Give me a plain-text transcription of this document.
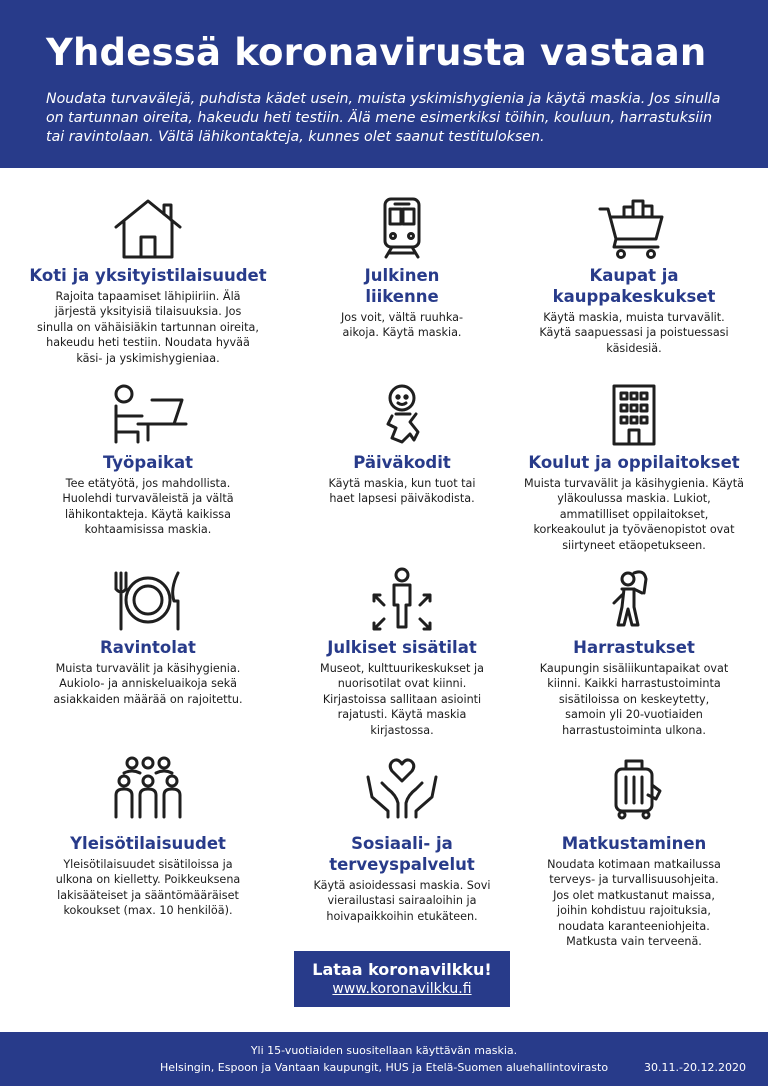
Yhdessä koronavirusta vastaan

Noudata turvavälejä, puhdista kädet usein, muista yskimishygienia ja käytä maskia. Jos sinulla on tartunnan oireita, hakeudu heti testiin. Älä mene esimerkiksi töihin, kouluun, harrastuksiin tai ravintolaan. Vältä lähikontakteja, kunnes olet saanut testituloksen.

Koti ja yksityistilaisuudet
Rajoita tapaamiset lähipiiriin. Älä järjestä yksityisiä tilaisuuksia. Jos sinulla on vähäisiäkin tartunnan oireita, hakeudu heti testiin. Noudata hyvää käsi- ja yskimishygieniaa.
Julkinen liikenne
Jos voit, vältä ruuhka-aikoja. Käytä maskia.
Kaupat ja kauppakeskukset
Käytä maskia, muista turvavälit. Käytä saapuessasi ja poistuessasi käsidesiä.
Työpaikat
Tee etätyötä, jos mahdollista. Huolehdi turvaväleistä ja vältä lähikontakteja. Käytä kaikissa kohtaamisissa maskia.
Päiväkodit
Käytä maskia, kun tuot tai haet lapsesi päiväkodista.
Koulut ja oppilaitokset
Muista turvavälit ja käsihygienia. Käytä yläkoulussa maskia. Lukiot, ammatilliset oppilaitokset, korkeakoulut ja työväenopistot ovat siirtyneet etäopetukseen.
Ravintolat
Muista turvavälit ja käsihygienia. Aukiolo- ja anniskeluaikoja sekä asiakkaiden määrää on rajoitettu.
Julkiset sisätilat
Museot, kulttuurikeskukset ja nuorisotilat ovat kiinni. Kirjastoissa sallitaan asiointi rajatusti. Käytä maskia kirjastossa.
Harrastukset
Kaupungin sisäliikuntapaikat ovat kiinni. Kaikki harrastustoiminta sisätiloissa on keskeytetty, samoin yli 20-vuotiaiden harrastustoiminta ulkona.
Yleisötilaisuudet
Yleisötilaisuudet sisätiloissa ja ulkona on kielletty. Poikkeuksena lakisääteiset ja sääntömääräiset kokoukset (max. 10 henkilöä).
Sosiaali- ja terveyspalvelut
Käytä asioidessasi maskia. Sovi vierailustasi sairaaloihin ja hoivapaikkoihin etukäteen.
Matkustaminen
Noudata kotimaan matkailussa terveys- ja turvallisuusohjeita. Jos olet matkustanut maissa, joihin kohdistuu rajoituksia, noudata karanteeniohjeita. Matkusta vain terveenä.
Lataa koronavilkku!
www.koronavilkku.fi
Yli 15-vuotiaiden suositellaan käyttävän maskia.
Helsingin, Espoon ja Vantaan kaupungit, HUS ja Etelä-Suomen aluehallintovirasto	30.11.-20.12.2020
